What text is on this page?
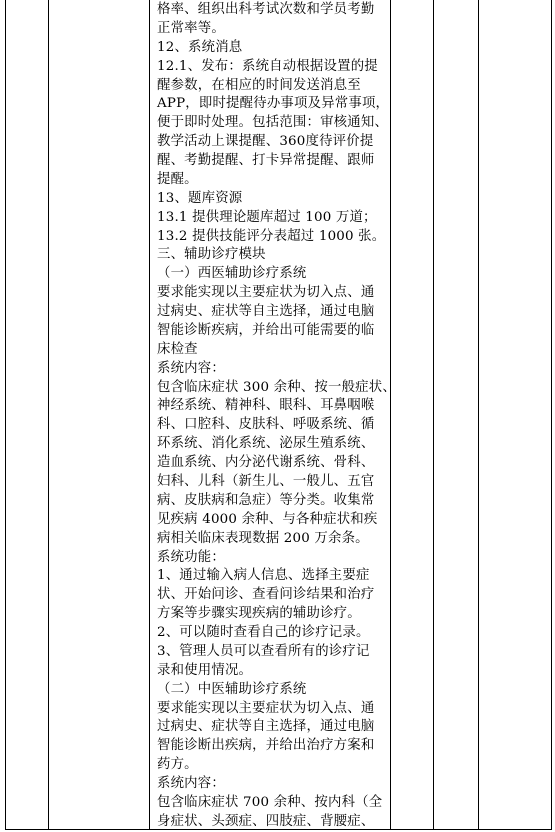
格率、组织出科考试次数和学员考勤
正常率等。
12、系统消息
12.1、发布：系统自动根据设置的提
醒参数，在相应的时间发送消息至
APP，即时提醒待办事项及异常事项，
便于即时处理。包括范围：审核通知、
教学活动上课提醒、360度待评价提
醒、考勤提醒、打卡异常提醒、跟师
提醒。
13、题库资源
13.1 提供理论题库超过 100 万道；
13.2 提供技能评分表超过 1000 张。
三、辅助诊疗模块
（一）西医辅助诊疗系统
要求能实现以主要症状为切入点、通
过病史、症状等自主选择，通过电脑
智能诊断疾病，并给出可能需要的临
床检查
系统内容：
包含临床症状 300 余种、按一般症状、
神经系统、精神科、眼科、耳鼻咽喉
科、口腔科、皮肤科、呼吸系统、循
环系统、消化系统、泌尿生殖系统、
造血系统、内分泌代谢系统、骨科、
妇科、儿科（新生儿、一般儿、五官
病、皮肤病和急症）等分类。收集常
见疾病 4000 余种、与各种症状和疾
病相关临床表现数据 200 万余条。
系统功能：
1、通过输入病人信息、选择主要症
状、开始问诊、查看问诊结果和治疗
方案等步骤实现疾病的辅助诊疗。
2、可以随时查看自己的诊疗记录。
3、管理人员可以查看所有的诊疗记
录和使用情况。
（二）中医辅助诊疗系统
要求能实现以主要症状为切入点、通
过病史、症状等自主选择，通过电脑
智能诊断出疾病，并给出治疗方案和
药方。
系统内容：
包含临床症状 700 余种、按内科（全
身症状、头颈症、四肢症、背腰症、
